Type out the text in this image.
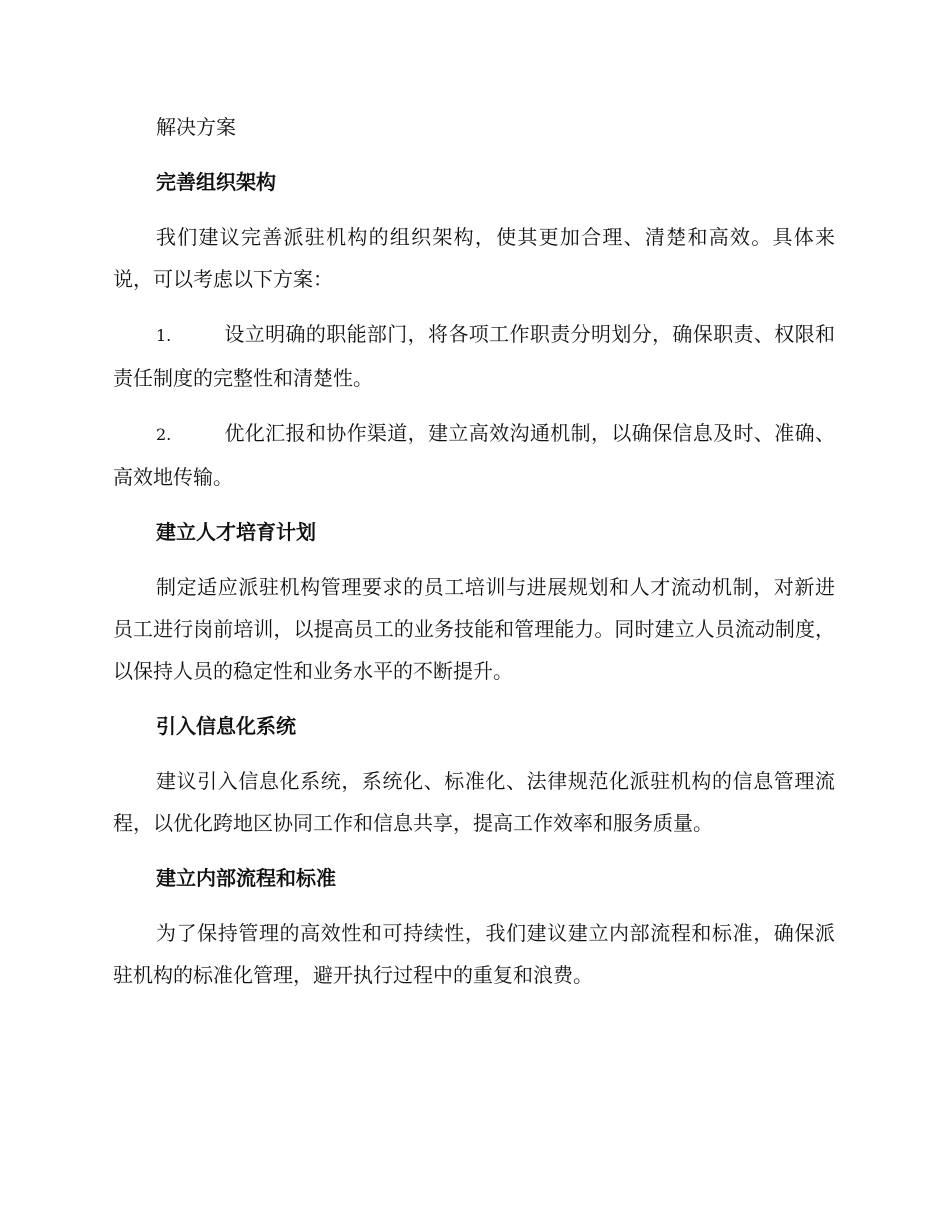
解决方案

完善组织架构

我们建议完善派驻机构的组织架构，使其更加合理、清楚和高效。具体来说，可以考虑以下方案：

1.	设立明确的职能部门，将各项工作职责分明划分，确保职责、权限和责任制度的完整性和清楚性。

2.	优化汇报和协作渠道，建立高效沟通机制，以确保信息及时、准确、高效地传输。

建立人才培育计划

制定适应派驻机构管理要求的员工培训与进展规划和人才流动机制，对新进员工进行岗前培训，以提高员工的业务技能和管理能力。同时建立人员流动制度，以保持人员的稳定性和业务水平的不断提升。

引入信息化系统

建议引入信息化系统，系统化、标准化、法律规范化派驻机构的信息管理流程，以优化跨地区协同工作和信息共享，提高工作效率和服务质量。

建立内部流程和标准

为了保持管理的高效性和可持续性，我们建议建立内部流程和标准，确保派驻机构的标准化管理，避开执行过程中的重复和浪费。
